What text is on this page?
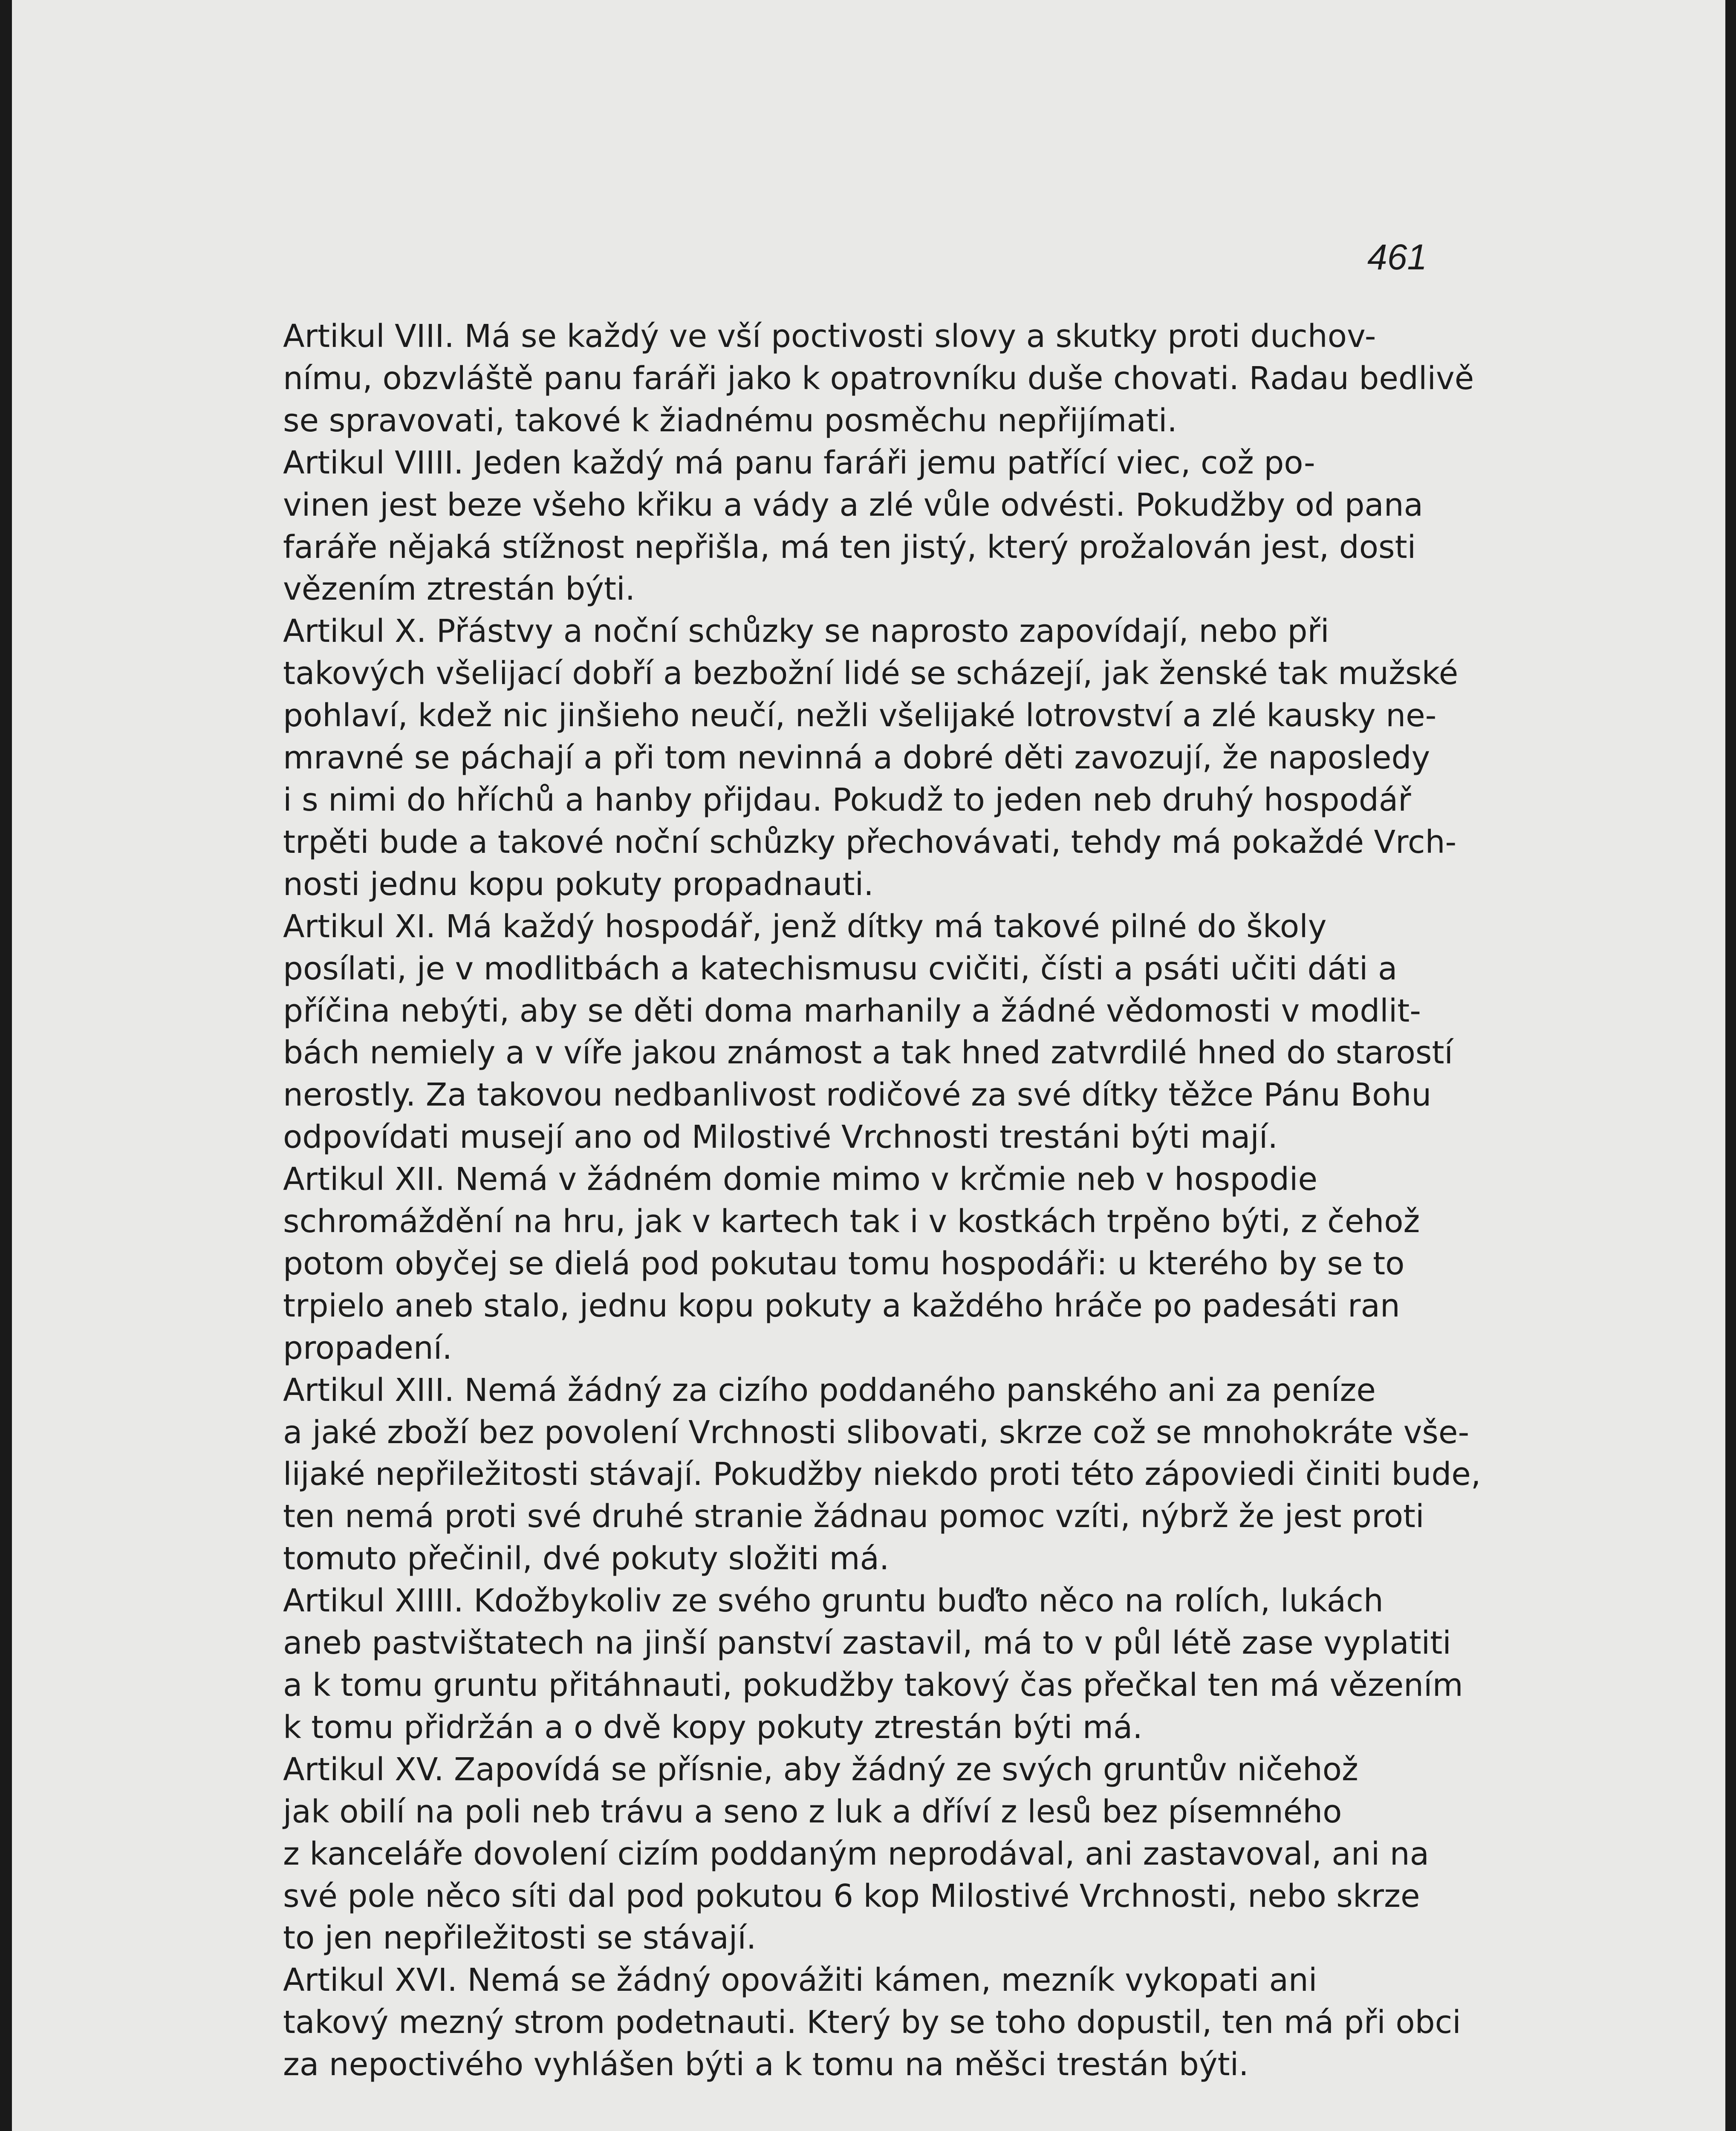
461
Artikul VIII. Má se každý ve vší poctivosti slovy a skutky proti duchov-
nímu, obzvláště panu faráři jako k opatrovníku duše chovati. Radau bedlivě
se spravovati, takové k žiadnému posměchu nepřijímati.
Artikul VIIII. Jeden každý má panu faráři jemu patřící viec, což po-
vinen jest beze všeho křiku a vády a zlé vůle odvésti. Pokudžby od pana
faráře nějaká stížnost nepřišla, má ten jistý, který prožalován jest, dosti
vězením ztrestán býti.
Artikul X. Přástvy a noční schůzky se naprosto zapovídají, nebo při
takových všelijací dobří a bezbožní lidé se scházejí, jak ženské tak mužské
pohlaví, kdež nic jinšieho neučí, nežli všelijaké lotrovství a zlé kausky ne-
mravné se páchají a při tom nevinná a dobré děti zavozují, že naposledy
i s nimi do hříchů a hanby přijdau. Pokudž to jeden neb druhý hospodář
trpěti bude a takové noční schůzky přechovávati, tehdy má pokaždé Vrch-
nosti jednu kopu pokuty propadnauti.
Artikul XI. Má každý hospodář, jenž dítky má takové pilné do školy
posílati, je v modlitbách a katechismusu cvičiti, čísti a psáti učiti dáti a
příčina nebýti, aby se děti doma marhanily a žádné vědomosti v modlit-
bách nemiely a v víře jakou známost a tak hned zatvrdilé hned do starostí
nerostly. Za takovou nedbanlivost rodičové za své dítky těžce Pánu Bohu
odpovídati musejí ano od Milostivé Vrchnosti trestáni býti mají.
Artikul XII. Nemá v žádném domie mimo v krčmie neb v hospodie
schromáždění na hru, jak v kartech tak i v kostkách trpěno býti, z čehož
potom obyčej se dielá pod pokutau tomu hospodáři: u kterého by se to
trpielo aneb stalo, jednu kopu pokuty a každého hráče po padesáti ran
propadení.
Artikul XIII. Nemá žádný za cizího poddaného panského ani za peníze
a jaké zboží bez povolení Vrchnosti slibovati, skrze což se mnohokráte vše-
lijaké nepřiležitosti stávají. Pokudžby niekdo proti této zápoviedi činiti bude,
ten nemá proti své druhé stranie žádnau pomoc vzíti, nýbrž že jest proti
tomuto přečinil, dvé pokuty složiti má.
Artikul XIIII. Kdožbykoliv ze svého gruntu buďto něco na rolích, lukách
aneb pastvištatech na jinší panství zastavil, má to v půl létě zase vyplatiti
a k tomu gruntu přitáhnauti, pokudžby takový čas přečkal ten má vězením
k tomu přidržán a o dvě kopy pokuty ztrestán býti má.
Artikul XV. Zapovídá se přísnie, aby žádný ze svých gruntův ničehož
jak obilí na poli neb trávu a seno z luk a dříví z lesů bez písemného
z kanceláře dovolení cizím poddaným neprodával, ani zastavoval, ani na
své pole něco síti dal pod pokutou 6 kop Milostivé Vrchnosti, nebo skrze
to jen nepřiležitosti se stávají.
Artikul XVI. Nemá se žádný opovážiti kámen, mezník vykopati ani
takový mezný strom podetnauti. Který by se toho dopustil, ten má při obci
za nepoctivého vyhlášen býti a k tomu na měšci trestán býti.
